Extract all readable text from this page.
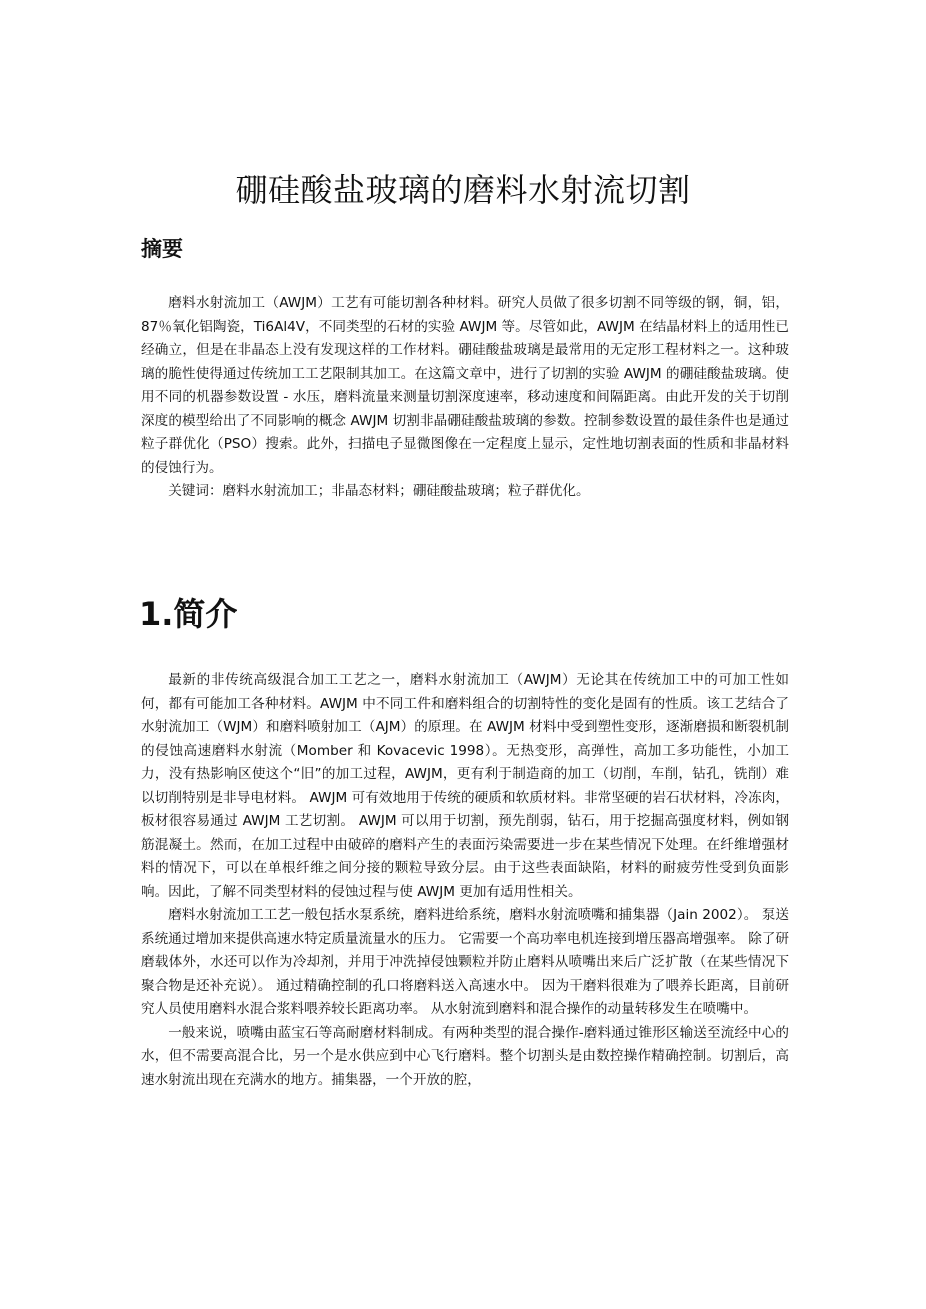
硼硅酸盐玻璃的磨料水射流切割
摘要

磨料水射流加工（AWJM）工艺有可能切割各种材料。研究人员做了很多切割不同等级的钢，铜，铝，87％氧化铝陶瓷，Ti6Al4V，不同类型的石材的实验 AWJM 等。尽管如此，AWJM 在结晶材料上的适用性已经确立，但是在非晶态上没有发现这样的工作材料。硼硅酸盐玻璃是最常用的无定形工程材料之一。这种玻璃的脆性使得通过传统加工工艺限制其加工。在这篇文章中，进行了切割的实验 AWJM 的硼硅酸盐玻璃。使用不同的机器参数设置 - 水压，磨料流量来测量切割深度速率，移动速度和间隔距离。由此开发的关于切削深度的模型给出了不同影响的概念 AWJM 切割非晶硼硅酸盐玻璃的参数。控制参数设置的最佳条件也是通过粒子群优化（PSO）搜索。此外，扫描电子显微图像在一定程度上显示，定性地切割表面的性质和非晶材料的侵蚀行为。

关键词：磨料水射流加工；非晶态材料；硼硅酸盐玻璃；粒子群优化。

1.简介

最新的非传统高级混合加工工艺之一，磨料水射流加工（AWJM）无论其在传统加工中的可加工性如何，都有可能加工各种材料。AWJM 中不同工件和磨料组合的切割特性的变化是固有的性质。该工艺结合了水射流加工（WJM）和磨料喷射加工（AJM）的原理。在 AWJM 材料中受到塑性变形，逐渐磨损和断裂机制的侵蚀高速磨料水射流（Momber 和 Kovacevic 1998）。无热变形，高弹性，高加工多功能性，小加工力，没有热影响区使这个“旧”的加工过程，AWJM，更有利于制造商的加工（切削，车削，钻孔，铣削）难以切削特别是非导电材料。 AWJM 可有效地用于传统的硬质和软质材料。非常坚硬的岩石状材料，冷冻肉，板材很容易通过 AWJM 工艺切割。 AWJM 可以用于切割，预先削弱，钻石，用于挖掘高强度材料，例如钢筋混凝土。然而，在加工过程中由破碎的磨料产生的表面污染需要进一步在某些情况下处理。在纤维增强材料的情况下，可以在单根纤维之间分接的颗粒导致分层。由于这些表面缺陷，材料的耐疲劳性受到负面影响。因此，了解不同类型材料的侵蚀过程与使 AWJM 更加有适用性相关。

磨料水射流加工工艺一般包括水泵系统，磨料进给系统，磨料水射流喷嘴和捕集器（Jain 2002）。 泵送系统通过增加来提供高速水特定质量流量水的压力。 它需要一个高功率电机连接到增压器高增强率。 除了研磨载体外，水还可以作为冷却剂，并用于冲洗掉侵蚀颗粒并防止磨料从喷嘴出来后广泛扩散（在某些情况下聚合物是还补充说）。 通过精确控制的孔口将磨料送入高速水中。 因为干磨料很难为了喂养长距离，目前研究人员使用磨料水混合浆料喂养较长距离功率。 从水射流到磨料和混合操作的动量转移发生在喷嘴中。

一般来说，喷嘴由蓝宝石等高耐磨材料制成。有两种类型的混合操作-磨料通过锥形区输送至流经中心的水，但不需要高混合比，另一个是水供应到中心飞行磨料。整个切割头是由数控操作精确控制。切割后，高速水射流出现在充满水的地方。捕集器，一个开放的腔，
